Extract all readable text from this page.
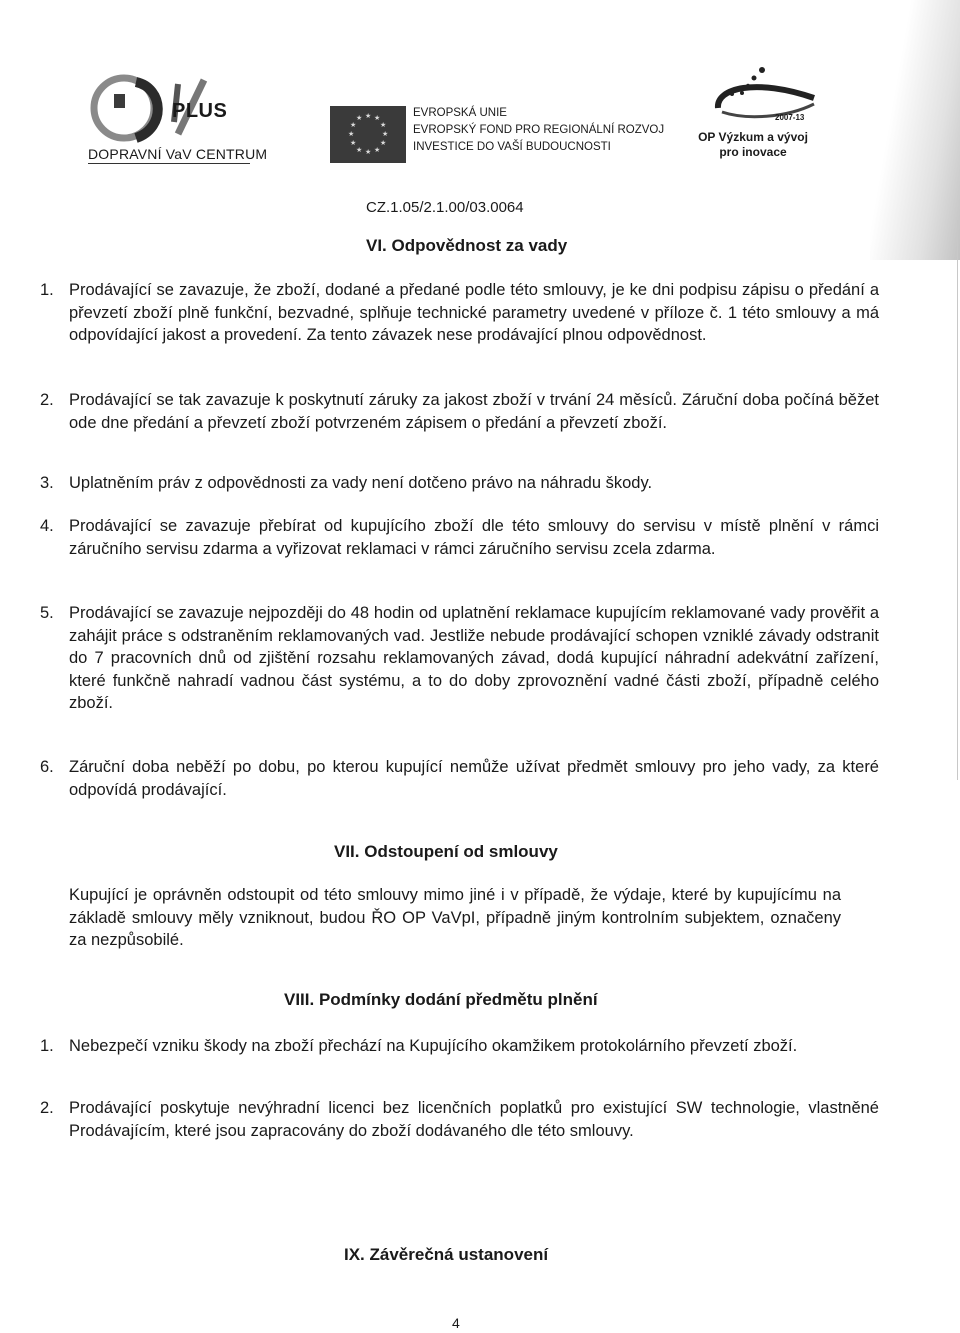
PLUS
DOPRAVNÍ VaV CENTRUM
★ ★
★
★
★
★
★
★
★
★
★
★	EVROPSKÁ UNIE
EVROPSKÝ FOND PRO REGIONÁLNÍ ROZVOJ
INVESTICE DO VAŠÍ BUDOUCNOSTI
2007-13
OP Výzkum a vývoj
pro inovace
CZ.1.05/2.1.00/03.0064
VI. Odpovědnost za vady
1. Prodávající se zavazuje, že zboží, dodané a předané podle této smlouvy, je ke dni podpisu zápisu o předání a převzetí zboží plně funkční, bezvadné, splňuje technické parametry uvedené v příloze č. 1 této smlouvy a má odpovídající jakost a provedení. Za tento závazek nese prodávající plnou odpovědnost.
2. Prodávající se tak zavazuje k poskytnutí záruky za jakost zboží v trvání 24 měsíců. Záruční doba počíná běžet ode dne předání a převzetí zboží potvrzeném zápisem o předání a převzetí zboží.
3. Uplatněním práv z odpovědnosti za vady není dotčeno právo na náhradu škody.
4. Prodávající se zavazuje přebírat od kupujícího zboží dle této smlouvy do servisu v místě plnění v rámci záručního servisu zdarma a vyřizovat reklamaci v rámci záručního servisu zcela zdarma.
5. Prodávající se zavazuje nejpozději do 48 hodin od uplatnění reklamace kupujícím reklamované vady prověřit a zahájit práce s odstraněním reklamovaných vad. Jestliže nebude prodávající schopen vzniklé závady odstranit do 7 pracovních dnů od zjištění rozsahu reklamovaných závad, dodá kupující náhradní adekvátní zařízení, které funkčně nahradí vadnou část systému, a to do doby zprovoznění vadné části zboží, případně celého zboží.
6. Záruční doba neběží po dobu, po kterou kupující nemůže užívat předmět smlouvy pro jeho vady, za které odpovídá prodávající.
VII. Odstoupení od smlouvy
Kupující je oprávněn odstoupit od této smlouvy mimo jiné i v případě, že výdaje, které by kupujícímu na základě smlouvy měly vzniknout, budou ŘO OP VaVpI, případně jiným kontrolním subjektem, označeny za nezpůsobilé.
VIII. Podmínky dodání předmětu plnění
1. Nebezpečí vzniku škody na zboží přechází na Kupujícího okamžikem protokolárního převzetí zboží.
2. Prodávající poskytuje nevýhradní licenci bez licenčních poplatků pro existující SW technologie, vlastněné Prodávajícím, které jsou zapracovány do zboží dodávaného dle této smlouvy.
IX. Závěrečná ustanovení
4
